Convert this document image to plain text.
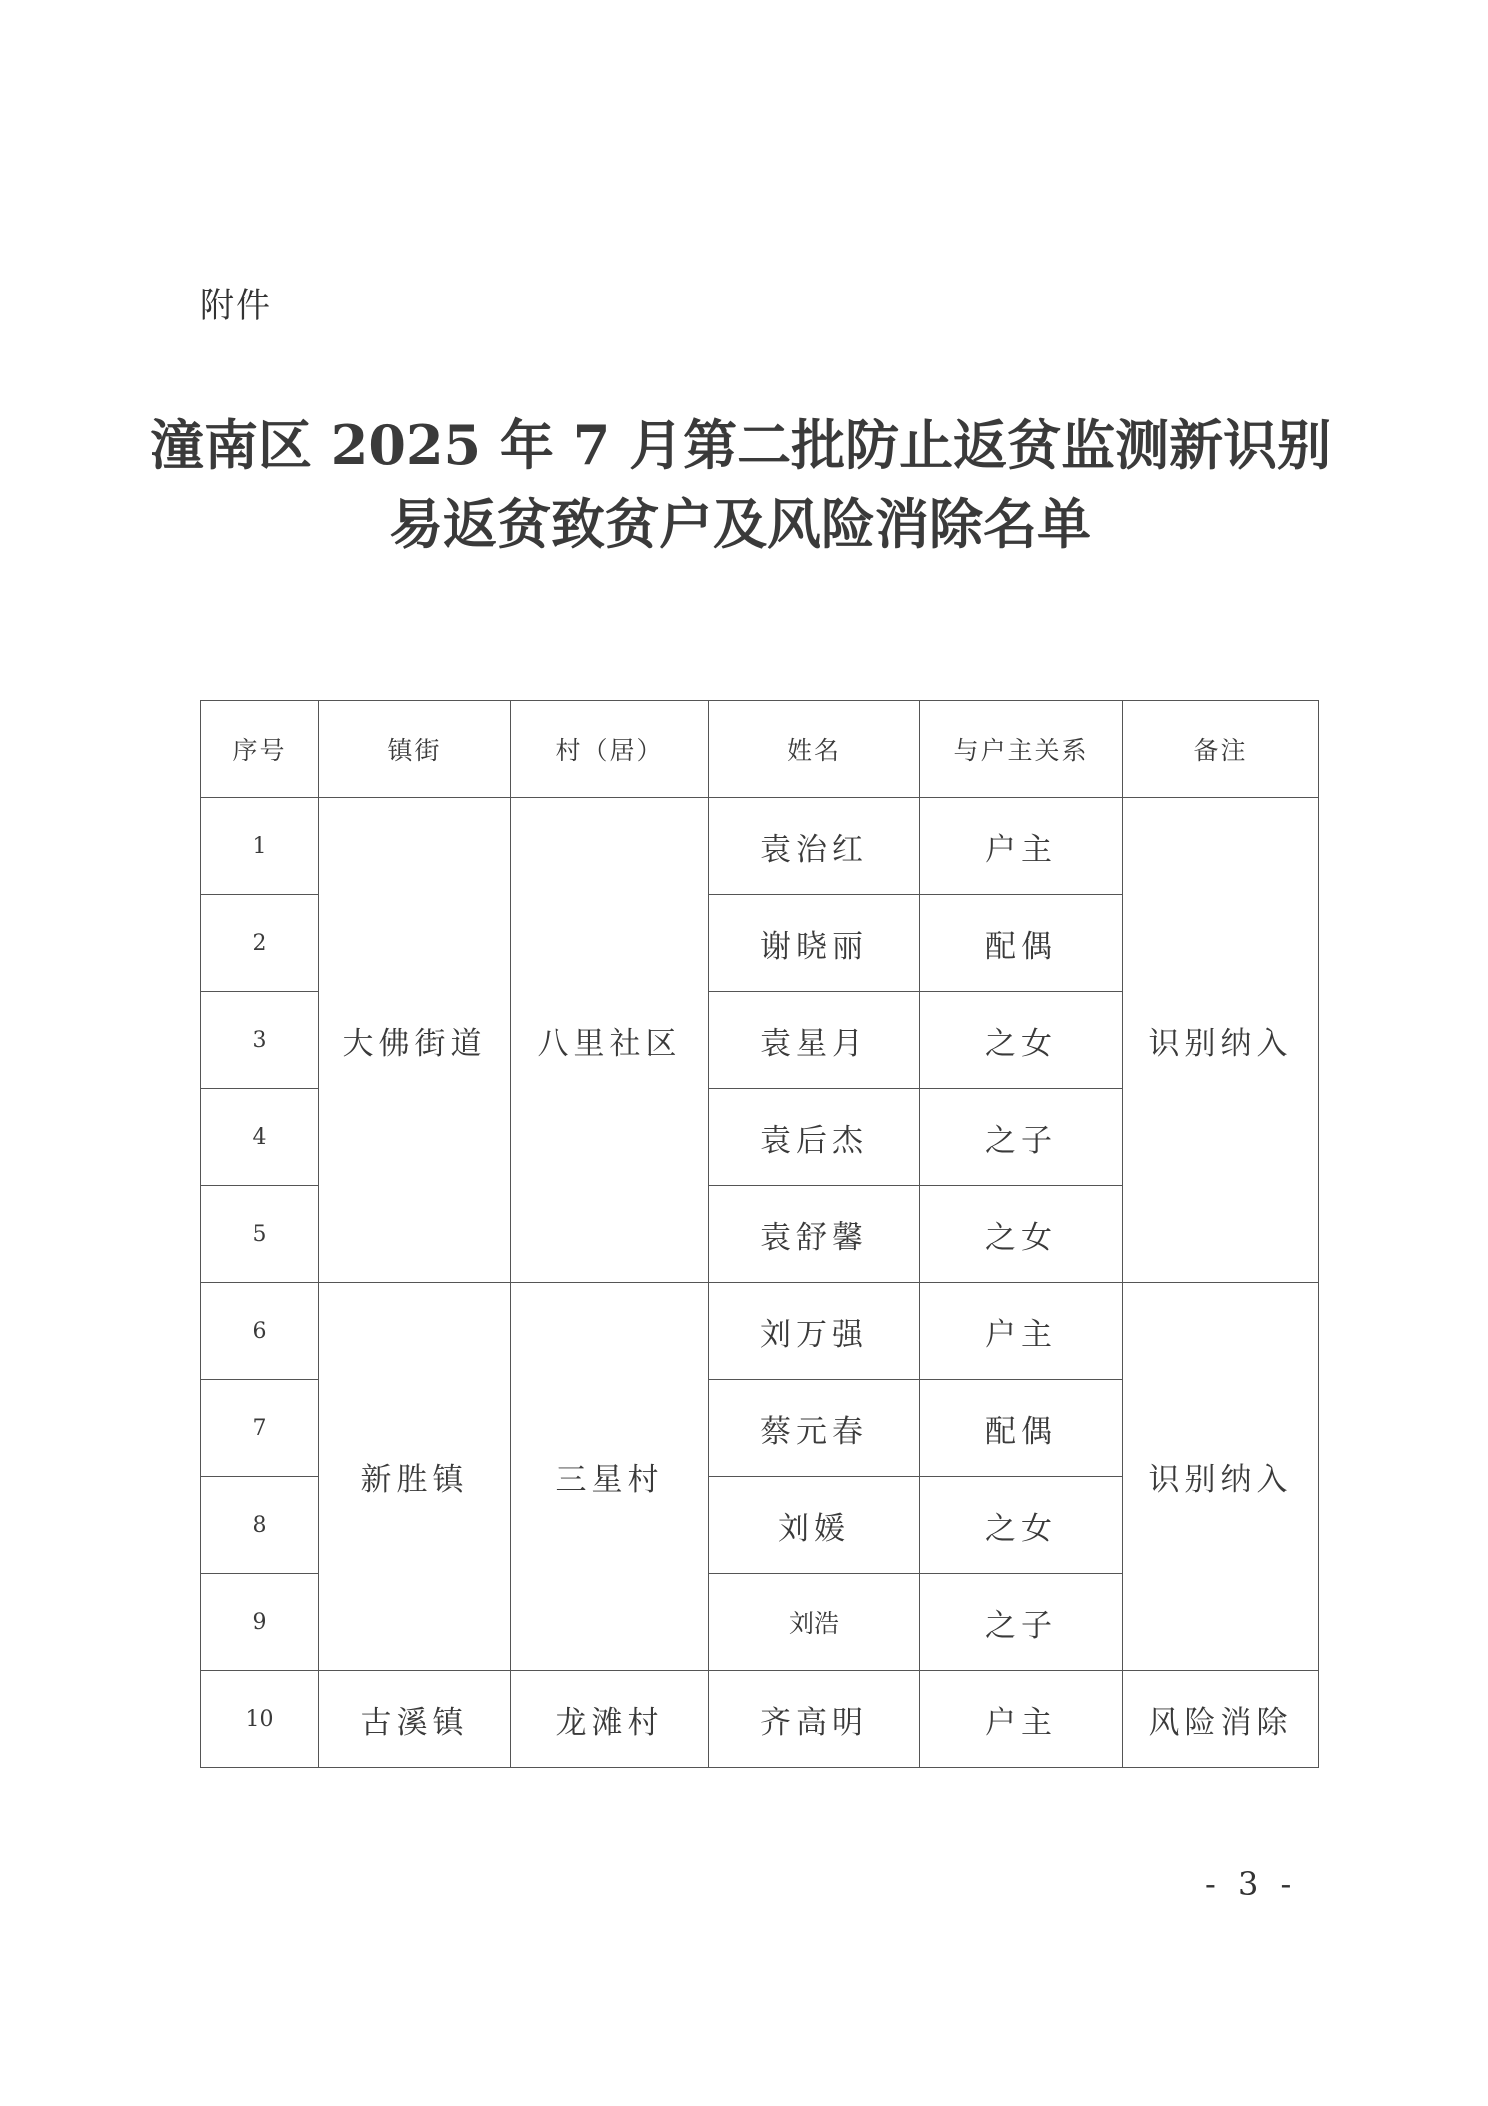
附件
潼南区 2025 年 7 月第二批防止返贫监测新识别
易返贫致贫户及风险消除名单
序号	镇街	村（居）	姓名	与户主关系	备注
1	大佛街道	八里社区	袁治红	户主	识别纳入
2			谢晓丽	配偶	
3			袁星月	之女	
4			袁后杰	之子	
5			袁舒馨	之女	
6	新胜镇	三星村	刘万强	户主	识别纳入
7			蔡元春	配偶	
8			刘媛	之女	
9			刘浩	之子	
10	古溪镇	龙滩村	齐高明	户主	风险消除
- 3 -
